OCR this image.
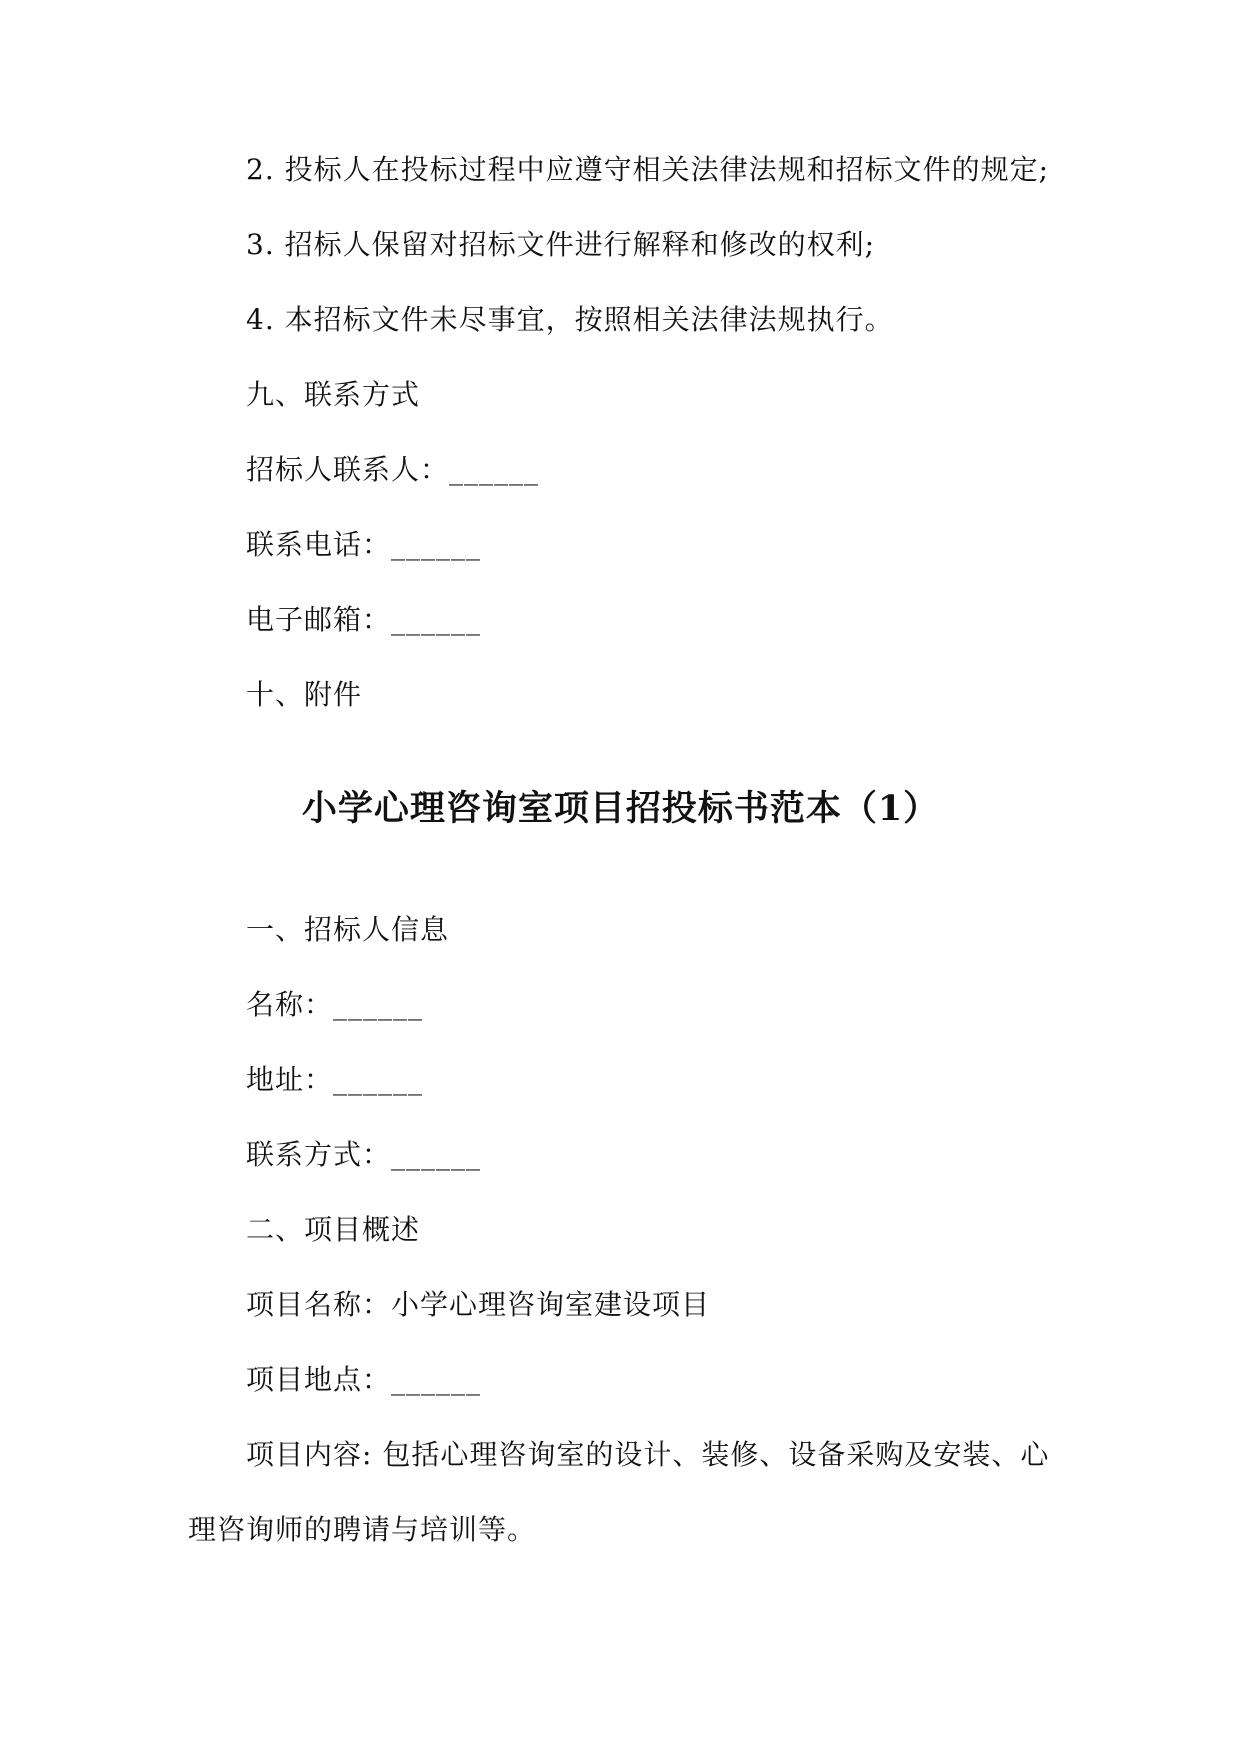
2. 投标人在投标过程中应遵守相关法律法规和招标文件的规定;
3. 招标人保留对招标文件进行解释和修改的权利;
4. 本招标文件未尽事宜，按照相关法律法规执行。
九、联系方式
招标人联系人：______
联系电话：______
电子邮箱：______
十、附件
小学心理咨询室项目招投标书范本（1）
一、招标人信息
名称：______
地址：______
联系方式：______
二、项目概述
项目名称：小学心理咨询室建设项目
项目地点：______
项目内容: 包括心理咨询室的设计、装修、设备采购及安装、心
理咨询师的聘请与培训等。
